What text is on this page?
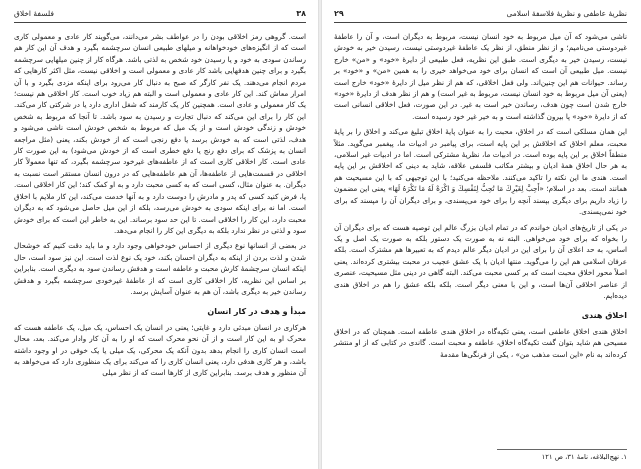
٣٨
فلسفهٔ اخلاق

است. گروهی رمز اخلاقی بودن را در عواطف بشر می‌دانند، می‌گویند کار عادی و معمولی کاری است که از انگیزه‌های خودخواهانه و میلهای طبیعی انسان سرچشمه بگیرد و هدف آن این کار هم رساندن سودی به خود و یا رسیدن خود شخص به لذتی باشد. هرگاه کار از چنین میلهایی سرچشمه بگیرد و برای چنین هدفهایی باشد کار عادی و معمولی است و اخلاقی نیست، مثل اکثر کارهایی که مردم انجام می‌دهند. یک نفر کارگر که صبح به دنبال کار می‌رود برای اینکه مزدی بگیرد و با آن امرار معاش کند. این کار عادی و معمولی است و البته هم زیاد خوب است. کار اخلاقی هم نیست؛ یک کار معمولی و عادی است. همچنین کار یک کارمند که شغل اداری دارد یا در شرکتی کار می‌کند. این کار را برای این می‌کند که دنبال تجارت و رسیدن به سود باشد. تا آنجا که مربوط به شخص خودش و زندگی خودش است و از یک میل که مربوط به شخص خودش است ناشی می‌شود و هدف، لذتی است که به خودش برسد یا دفع رنجی است که از خودش بکند، یعنی (مثل مراجعه انسان به پزشک که برای دفع رنج یا دفع خطری است که از خودش می‌شود) به این صورت کار عادی است. کار اخلاقی کاری است که از عاطفه‌های غیرخود سرچشمه بگیرد، که تنها معمولاً کار اخلاقی در قسمت‌هایی از عاطفه‌ها، آن هم عاطفه‌هایی که در درون انسان مستقر است نسبت به دیگران. به عنوان مثال، کسی است که به کسی محبت دارد و به او کمک کند؛ این کار اخلاقی است. یا، فرض کنید کسی که پدر و مادرش را دوست دارد و به آنها خدمت می‌کند، این کار ملایم با اخلاق است. اما نه برای اینکه سودی به خودش می‌رسد، بلکه از این میل حاصل می‌شود که به دیگران محبت دارد، این کار را اخلاقی است. تا این حد سود برساند. این به خاطر این است که برای خودش سود و لذتی در نظر ندارد بلکه به دیگری این کار را انجام می‌دهد.

در بعضی از انسانها نوع دیگری از احساس خودخواهی وجود دارد و ما باید دقت کنیم که خوشحال شدن و لذت بردن از اینکه به دیگران احسان بکند، خود یک نوع لذت است. این نیز سود است، حال اینکه انسان سرچشمهٔ کارش محبت و عاطفه است و هدفش رساندن سود به دیگری است. بنابراین بر اساس این نظریه، کار اخلاقی کاری است که از عاطفهٔ غیرخودی سرچشمه بگیرد و هدفش رساندن خیر به دیگری باشد، آن هم به عنوان آسایش برسد.

مبدأ و هدف در کار انسان

هرکاری در انسان مبدئی دارد و غایتی؛ یعنی در انسان یک احساس، یک میل، یک عاطفه هست که محرک او به این کار است و از آن نحو محرک است که او را به آن کار وادار می‌کند. بعد، محال است انسان کاری را انجام بدهد بدون آنکه یک محرکی، یک میلی یا یک خوفی در او وجود داشته باشد، و هر کاری هدفی دارد، یعنی انسان کاری را که می‌کند برای یک منظوری دارد که می‌خواهد به آن منظور و هدف برسد. بنابراین کاری از کارها است که از نظر میلی

نظریهٔ عاطفی و نظریهٔ فلاسفهٔ اسلامی
٢٩

ناشی می‌شود که آن میل مربوط به خود انسان نیست، مربوط به دیگران است، و آن را عاطفهٔ غیردوستی می‌نامیم؛ و از نظر منطق، از نظر یک عاطفهٔ غیردوستی نیست، رسیدن خیر به خودش نیست، رسیدن خیر به دیگری است. طبق این نظریه، فعل طبیعی از دایرهٔ «خود» و «من» خارج نیست. میل طبیعی آن است که انسان برای خود می‌خواهد خیری را به همین «من» و «خود» بر رساند. حیوانات هم این چنین‌اند. ولی فعل اخلاقی، که هم از نظر میل از دایرهٔ «خود» خارج است (یعنی آن میل مربوط به خود انسان نیست، مربوط به غیر است) و هم از نظر هدف از دایرهٔ «خود» خارج شدن است چون هدف، رساندن خیر است به غیر. در این صورت، فعل اخلاقی انسانی است که از دایرهٔ «خود» پا بیرون گذاشته است و به خیر غیر خود رسیده است.

این همان مسلکی است که در اخلاق، محبت را به عنوان پایهٔ اخلاق تبلیغ می‌کند و اخلاق را بر پایهٔ محبت، معلم اخلاق که اخلاقش بر این پایه است، برای پیامبر در ادبیات ما، پیغمبر می‌گوید. مثلاً منطقاً اخلاق بر این پایه بوده است. در ادبیات ما، نظریهٔ مشترکی است. اما در ادبیات غیر اسلامی، به هر حال اخلاق همهٔ ادیان و بیشتر مکاتب فلسفی علاقه، شاید به دینی که اخلاقش بر این پایه است. هندی ما این نکته را تاکید می‌کنند. ملاحظه می‌کنید؛ با این توجیهی که با این مسیحیت هم همانند است. بعد در اسلام؛ «أَحِبَّ لِغَيْرِكَ مَا تُحِبُّ لِنَفْسِكَ وَ اكْرَهْ لَهُ مَا تَكْرَهُ لَهَا» یعنی این مضمون را زیاد داریم برای دیگری بپسند آنچه را برای خود می‌پسندی، و برای دیگران آن را مپسند که برای خود نمی‌پسندی.

در یکی از تاریخ‌های ادیان خواندم که در تمام ادیان بزرگ عالم این توصیه هست که برای دیگران آن را بخواه که برای خود می‌خواهی. البته نه به صورت یک دستور بلکه به صورت یک اصل و یک اساس، به حد اعلای آن را برای این در ادیان دیگر عالم دیدم که به تعبیرها هم مشترک است. بلکه عرفان اسلامی هم این را می‌گوید. منتها ادیان با یک عشق عجیب در محبت بیشتری کرده‌اند. یعنی اصلاً محور اخلاق محبت است که بر کسی محبت می‌کند. البته گاهی در دینی مثل مسیحیت، عنصری از عناصر اخلاقی آن‌ها است، و این با معنی دیگر است. بلکه بلکه عشق را هم در اخلاق هندی دیده‌ایم.

اخلاق هندی

اخلاق هندی اخلاق عاطفی است، یعنی تکیه‌گاه در اخلاق هندی عاطفه است. همچنان که در اخلاق مسیحی هم شاید بتوان گفت تکیه‌گاه اخلاق، عاطفه و محبت است. گاندی در کتابی که از او منتشر کرده‌اند به نام «این است مذهب من» ، یکی از فرنگی‌ها مقدمهٔ

١. نهج‌البلاغه، نامهٔ ٣١، ص ١٢١
